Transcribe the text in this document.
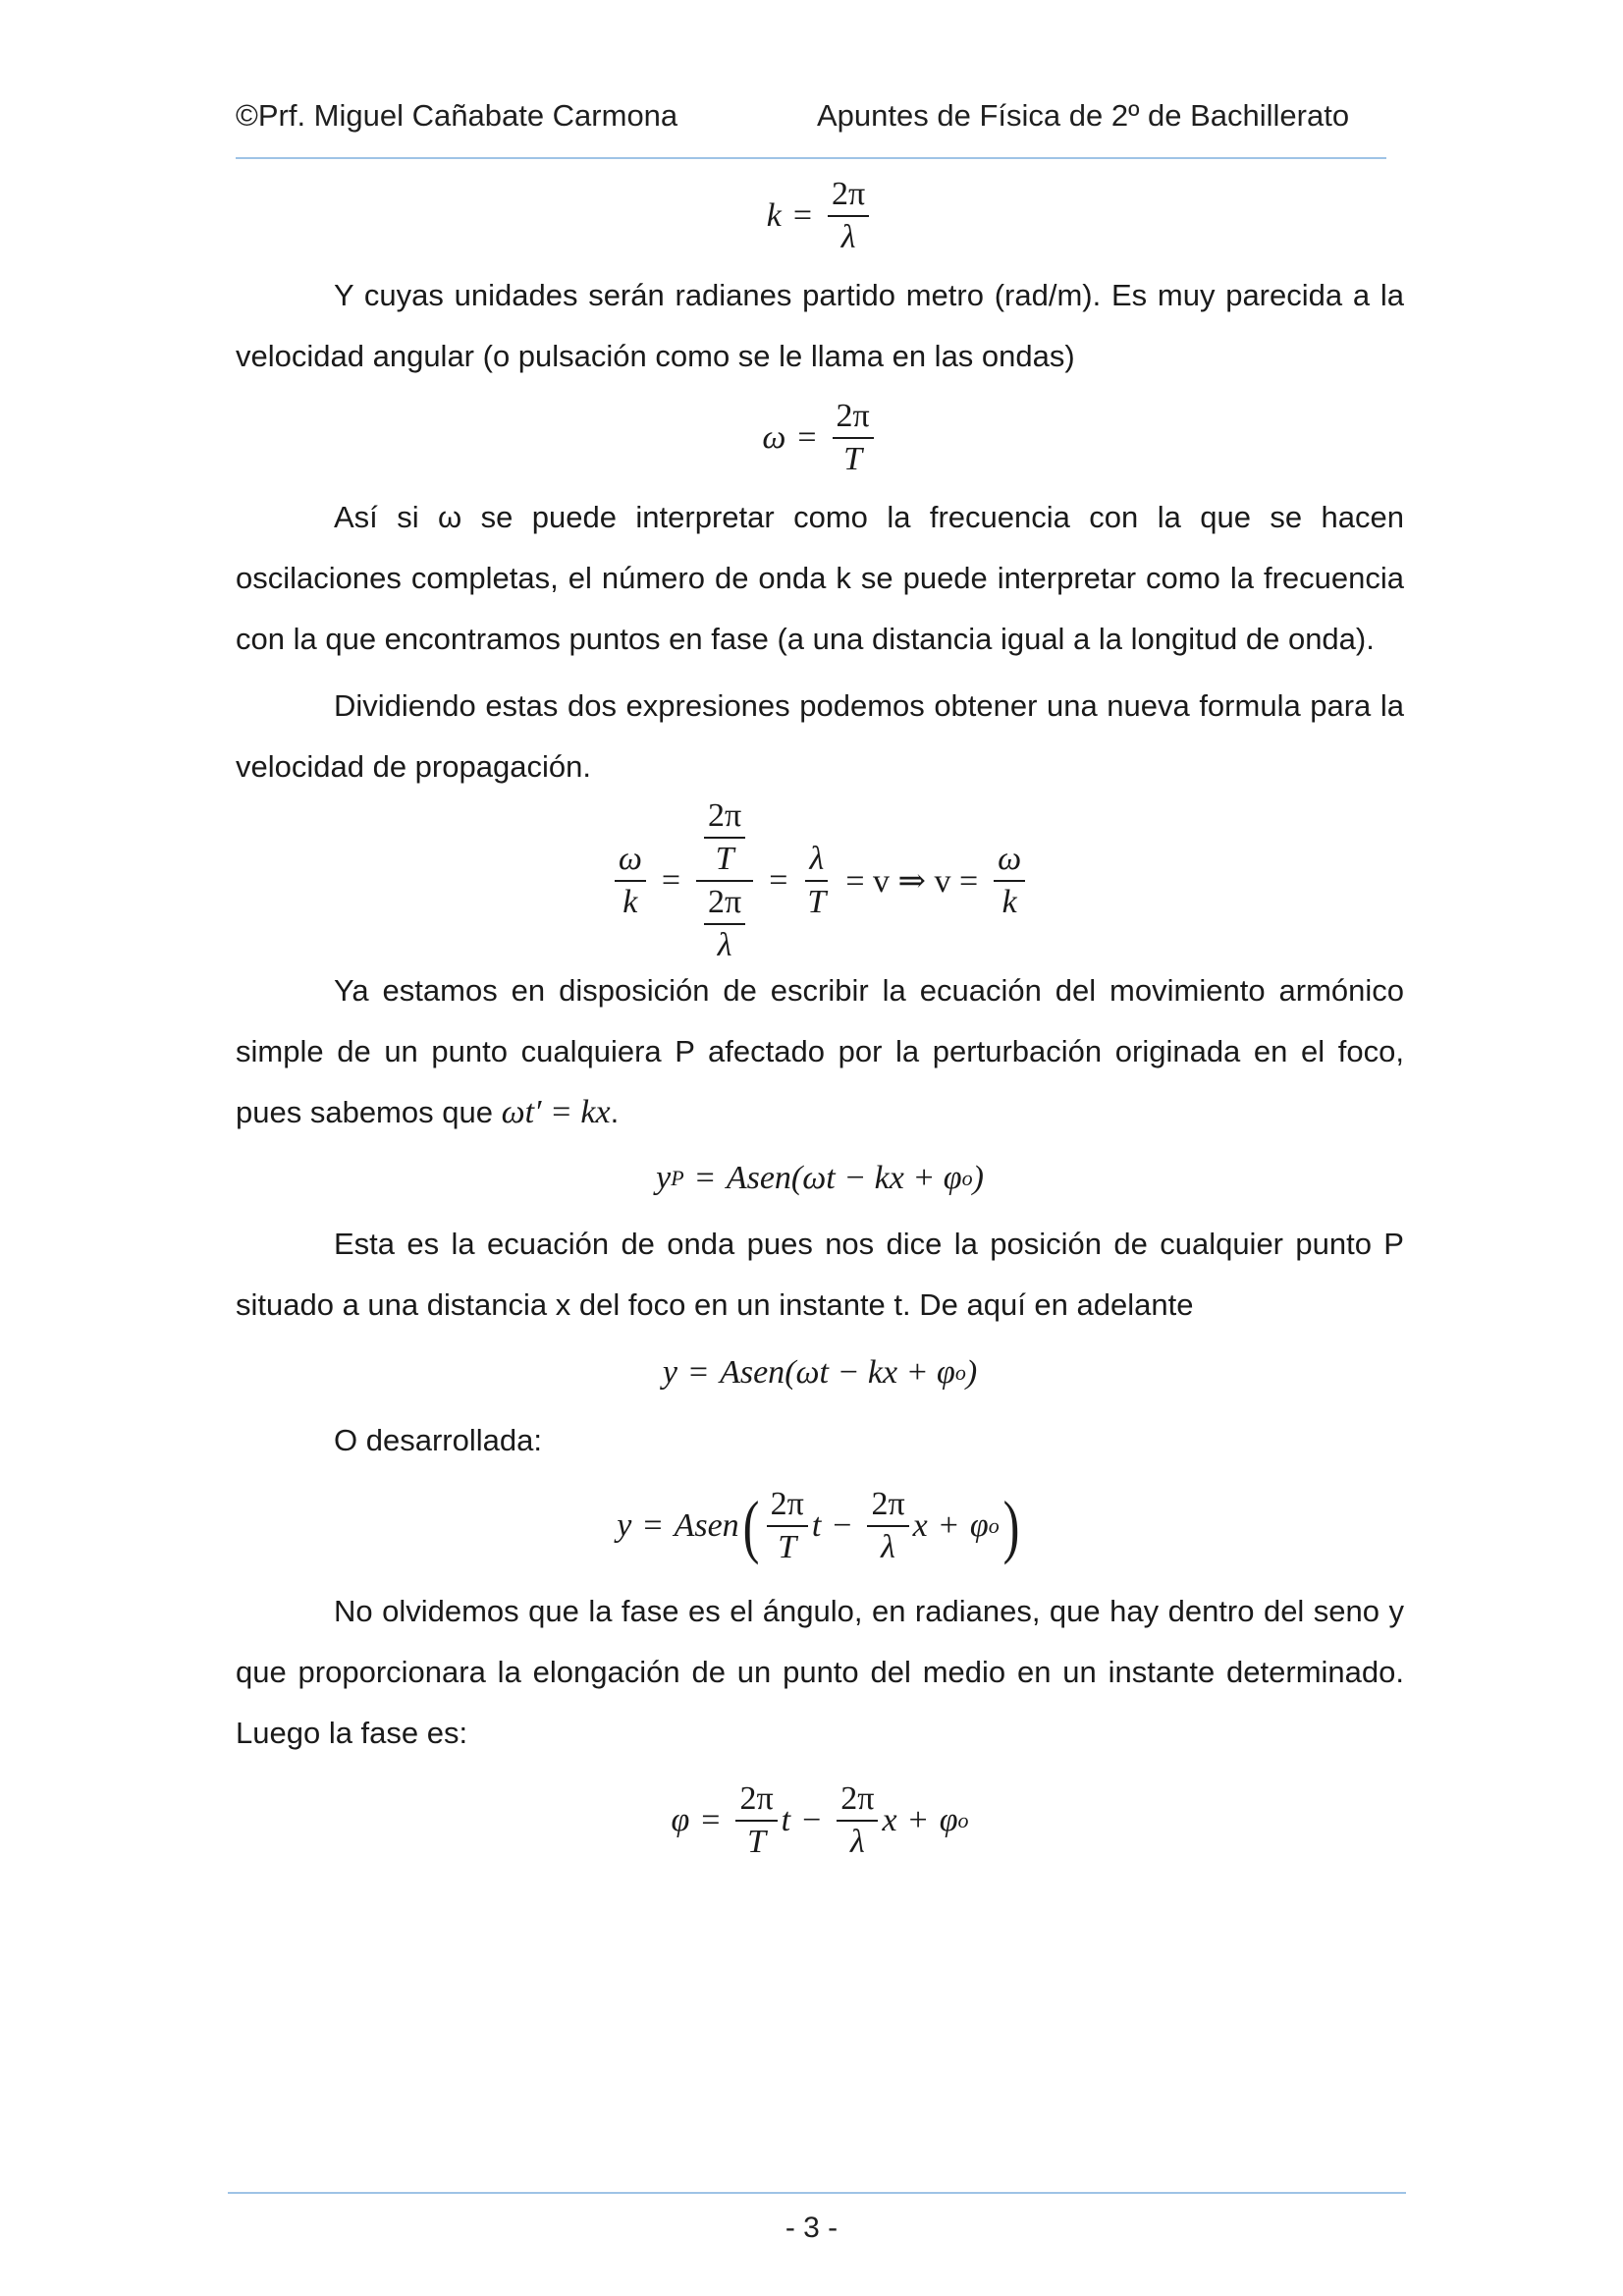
©Prf. Miguel Cañabate Carmona	Apuntes de Física de 2º de Bachillerato
$k = \frac{2\pi}{\lambda}$

Y cuyas unidades serán radianes partido metro (rad/m). Es muy parecida a la velocidad angular (o pulsación como se le llama en las ondas)

$\omega = \frac{2\pi}{T}$

Así si ω se puede interpretar como la frecuencia con la que se hacen oscilaciones completas, el número de onda k se puede interpretar como la frecuencia con la que encontramos puntos en fase (a una distancia igual a la longitud de onda).

Dividiendo estas dos expresiones podemos obtener una nueva formula para la velocidad de propagación.

$\frac{\omega}{k} = \frac{\frac{2\pi}{T}}{\frac{2\pi}{\lambda}} = \frac{\lambda}{T} = v$ ⇒ $v = \frac{\omega}{k}$

Ya estamos en disposición de escribir la ecuación del movimiento armónico simple de un punto cualquiera P afectado por la perturbación originada en el foco, pues sabemos que ωt′ = kx.

y P = Asen (ωt − kx + φ o )

Esta es la ecuación de onda pues nos dice la posición de cualquier punto P situado a una distancia x del foco en un instante t. De aquí en adelante

y = Asen (ωt − kx + φ o )

O desarrollada:

y = Asen ( $\frac{2\pi}{T}$ $t - \frac{2\pi}{\lambda}$ x + φ o )

No olvidemos que la fase es el ángulo, en radianes, que hay dentro del seno y que proporcionara la elongación de un punto del medio en un instante determinado. Luego la fase es:

$\varphi = \frac{2\pi}{T}$ $t - \frac{2\pi}{\lambda}$ x + φ o
- 3 -
